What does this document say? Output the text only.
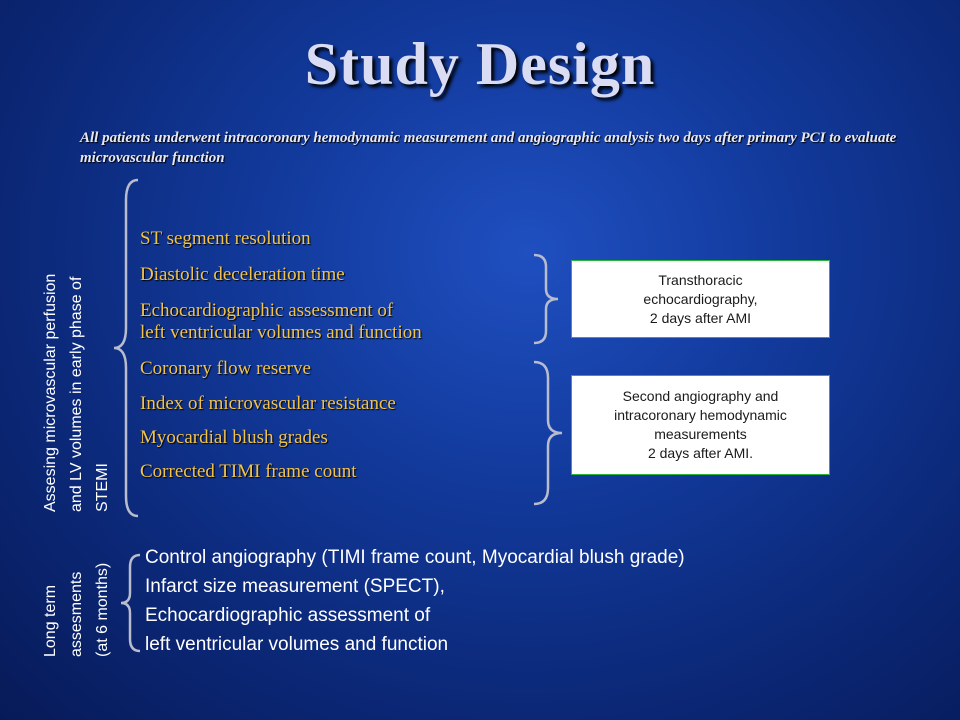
Study Design
All patients underwent intracoronary hemodynamic measurement and angiographic analysis two days after primary PCI to evaluate microvascular function
Assesing microvascular perfusion and LV volumes in early phase of STEMI
Long term assesments (at 6 months)
ST segment resolution
Diastolic deceleration time
Echocardiographic assessment of
left ventricular volumes and function
Coronary flow reserve
Index of microvascular resistance
Myocardial blush grades
Corrected TIMI frame count
Transthoracic
echocardiography,
2 days after AMI
Second angiography and
intracoronary hemodynamic
measurements
2 days after AMI.
Control angiography (TIMI frame count, Myocardial blush grade)
Infarct size measurement (SPECT),
Echocardiographic assessment of
left ventricular volumes and function
